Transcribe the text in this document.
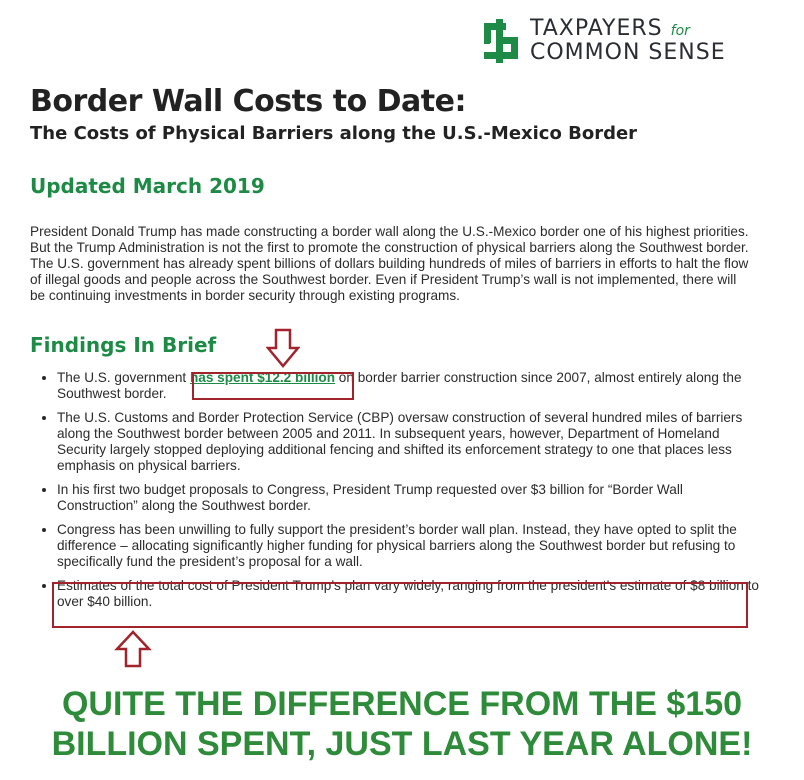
TAXPAYERS for
COMMON SENSE
Border Wall Costs to Date:
The Costs of Physical Barriers along the U.S.-Mexico Border
Updated March 2019
President Donald Trump has made constructing a border wall along the U.S.-Mexico border one of his highest priorities. But the Trump Administration is not the first to promote the construction of physical barriers along the Southwest border. The U.S. government has already spent billions of dollars building hundreds of miles of barriers in efforts to halt the flow of illegal goods and people across the Southwest border. Even if President Trump’s wall is not implemented, there will be continuing investments in border security through existing programs.
Findings In Brief
• The U.S. government has spent $12.2 billion on border barrier construction since 2007, almost entirely along the Southwest border.
• The U.S. Customs and Border Protection Service (CBP) oversaw construction of several hundred miles of barriers along the Southwest border between 2005 and 2011. In subsequent years, however, Department of Homeland Security largely stopped deploying additional fencing and shifted its enforcement strategy to one that places less emphasis on physical barriers.
• In his first two budget proposals to Congress, President Trump requested over $3 billion for “Border Wall Construction” along the Southwest border.
• Congress has been unwilling to fully support the president’s border wall plan. Instead, they have opted to split the difference – allocating significantly higher funding for physical barriers along the Southwest border but refusing to specifically fund the president’s proposal for a wall.
• Estimates of the total cost of President Trump’s plan vary widely, ranging from the president’s estimate of $8 billion to over $40 billion.
QUITE THE DIFFERENCE FROM THE $150
BILLION SPENT, JUST LAST YEAR ALONE!
